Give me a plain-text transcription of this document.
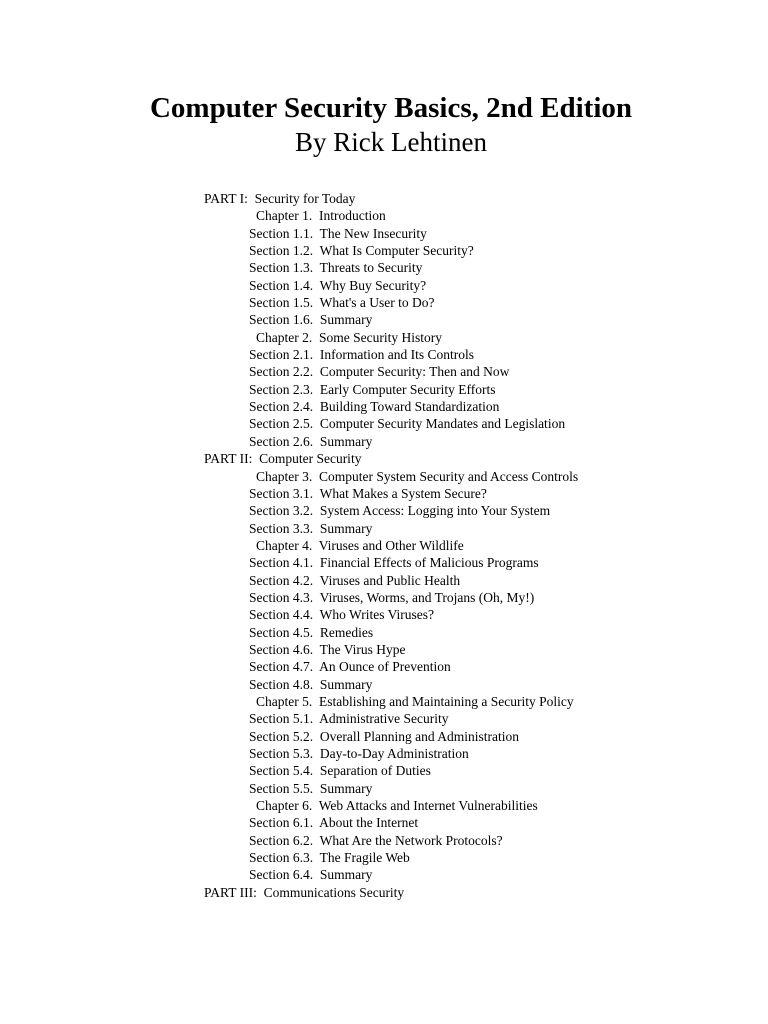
Computer Security Basics, 2nd Edition
By Rick Lehtinen
PART I:  Security for Today
Chapter 1.  Introduction
Section 1.1.  The New Insecurity
Section 1.2.  What Is Computer Security?
Section 1.3.  Threats to Security
Section 1.4.  Why Buy Security?
Section 1.5.  What's a User to Do?
Section 1.6.  Summary
Chapter 2.  Some Security History
Section 2.1.  Information and Its Controls
Section 2.2.  Computer Security: Then and Now
Section 2.3.  Early Computer Security Efforts
Section 2.4.  Building Toward Standardization
Section 2.5.  Computer Security Mandates and Legislation
Section 2.6.  Summary
PART II:  Computer Security
Chapter 3.  Computer System Security and Access Controls
Section 3.1.  What Makes a System Secure?
Section 3.2.  System Access: Logging into Your System
Section 3.3.  Summary
Chapter 4.  Viruses and Other Wildlife
Section 4.1.  Financial Effects of Malicious Programs
Section 4.2.  Viruses and Public Health
Section 4.3.  Viruses, Worms, and Trojans (Oh, My!)
Section 4.4.  Who Writes Viruses?
Section 4.5.  Remedies
Section 4.6.  The Virus Hype
Section 4.7.  An Ounce of Prevention
Section 4.8.  Summary
Chapter 5.  Establishing and Maintaining a Security Policy
Section 5.1.  Administrative Security
Section 5.2.  Overall Planning and Administration
Section 5.3.  Day-to-Day Administration
Section 5.4.  Separation of Duties
Section 5.5.  Summary
Chapter 6.  Web Attacks and Internet Vulnerabilities
Section 6.1.  About the Internet
Section 6.2.  What Are the Network Protocols?
Section 6.3.  The Fragile Web
Section 6.4.  Summary
PART III:  Communications Security
